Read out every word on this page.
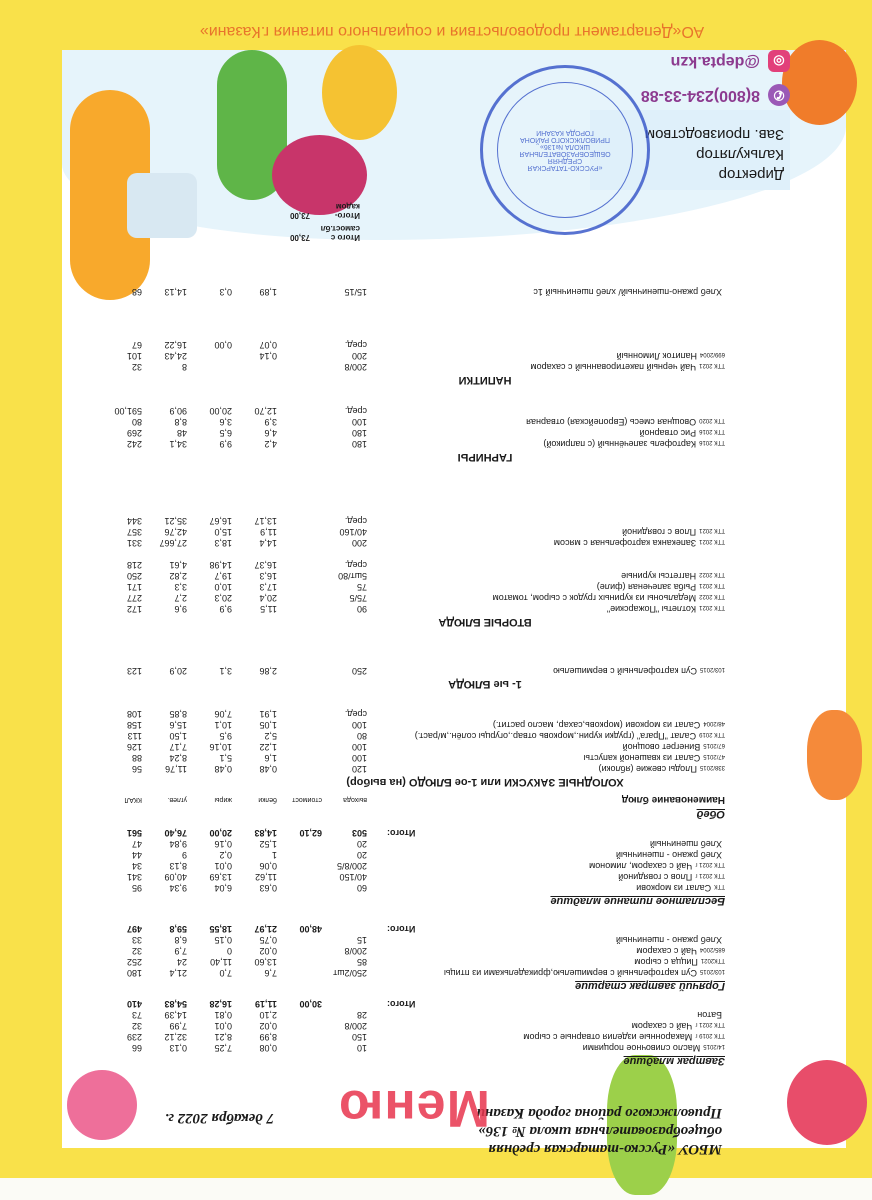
МБОУ «Русско-татарская средняя общеобразовательная школа № 136» Приволжского района города Казани
7 декабря 2022 г. Меню
Завтрак младшие
14/2015Масло сливочное порциями
10
0,08
7,25
0,13
66
ТТК 2019 гМакаронные изделия отварные с сыром
150
8,99
8,21
32,12
239
ТТК 2021 гЧай с сахаром
200/8
0,02
0,01
7,99
32
Батон
28
2,10
0,81
14,39
73
Итого:
30,00
11,19
16,28
54,83
410
Горячий завтрак старшие
103/2015Суп картофельный с вермишелью,фрикадельками из птицы
250/2шт
7,6
7,0
21,4
180
ТТК2021Пицца с сыром
85
13,60
11,40
24
252
685/2004Чай с сахаром
200/8
0,02
0
7,9
32
Хлеб ржано - пшеничный
15
0,75
0,15
6,8
33
Итого:
48,00
21,97
18,55
59,8
497
Бесплатное питание младшие
ТТКСалат из моркови
60
0,63
6,04
9,34
95
ТТК 2021 гПлов с говядиной
40/150
11,62
13,69
40,09
341
ТТК 2021 гЧай с сахаром, лимоном
200/8/5
0,06
0,01
8,13
34
Хлеб ржано - пшеничный
20
1
0,2
9
44
Хлеб пшеничный
20
1,52
0,16
9,84
47
Итого:
503
62,10
14,83
20,00
76,40
561
Обед
Наименование блюд
выхода
стоимост
белки
жиры
углев.
ККАЛ
ХОЛОДНЫЕ ЗАКУСКИ или 1-ое БЛЮДО (на выбор)
338/2015Плоды свежие (яблоки)
120
0,48
0,48
11,76
56
47/2015Салат из квашеной капусты
100
1,6
5,1
8,24
88
67/2015Винегрет овощной
100
1,22
10,16
7,17
126
ТТК 2019Салат "Прага" (грудки курин.,морковь отвар.,огурцы солён.,м/раст.)
80
5,2
9,5
1,50
113
48/2004Салат из моркови (морковь,сахар, масло растит.)
100
1,05
10,1
15,6
158
сред.
1,91
7,06
8,85
108
1- ые БЛЮДА
103/2015Суп картофельный с вермишелью
250
2,86
3,1
20,9
123
ВТОРЫЕ БЛЮДА
ТТК 2021Котлеты "Пожарские"
90
11,5
9,9
9,6
172
ТТК 2022Медальоны из куриных грудок с сыром, томатом
75/5
20,4
20,3
2,7
277
ТТК 2021Рыба запеченая (филе)
75
17,3
10,0
3,3
171
ТТК 2022Наггетсы куриные
5шт/80
16,3
19,7
2,82
250
сред.
16,37
14,98
4,61
218
ТТК 2021Запеканка картофельная с мясом
200
14,4
18,3
27,667
331
ТТК 2021Плов с говядиной
40/160
11,9
15,0
42,76
357
сред.
13,17
16,67
35,21
344
ГАРНИРЫ
ТТК 2016Картофель запечённый (с паприкой)
180
4,2
9,9
34,1
242
ТТК 2016Рис отварной
180
4,6
6,5
48
269
ТТК 2020Овощная смесь (Европейская) отварная
100
3,9
3,6
8,8
80
сред.
12,70
20,00
90,9
591,00
НАПИТКИ
ТТК 2021Чай черный пакетированный с сахаром
200/8
8
32
699/2004Напиток Лимонный
200
0,14
24,43
101
сред.
0,07
0,00
16,22
67
Хлеб ржано-пшеничный/ хлеб пшеничный 1с
15/15
1,89
0,3
14,13
68
Итого с самост.бл
73,00
Итого-
кадом
73,00
Директор
Калькулятор
Зав. производством
«РУССКО-ТАТАРСКАЯ СРЕДНЯЯ ОБЩЕОБРАЗОВАТЕЛЬНАЯ ШКОЛА №136» ПРИВОЛЖСКОГО РАЙОНА ГОРОДА КАЗАНИ
✆
8(800)234-33-88
◎
@depta.kzn
АО«Департамент продовольствия и социального питания г.Казани»
